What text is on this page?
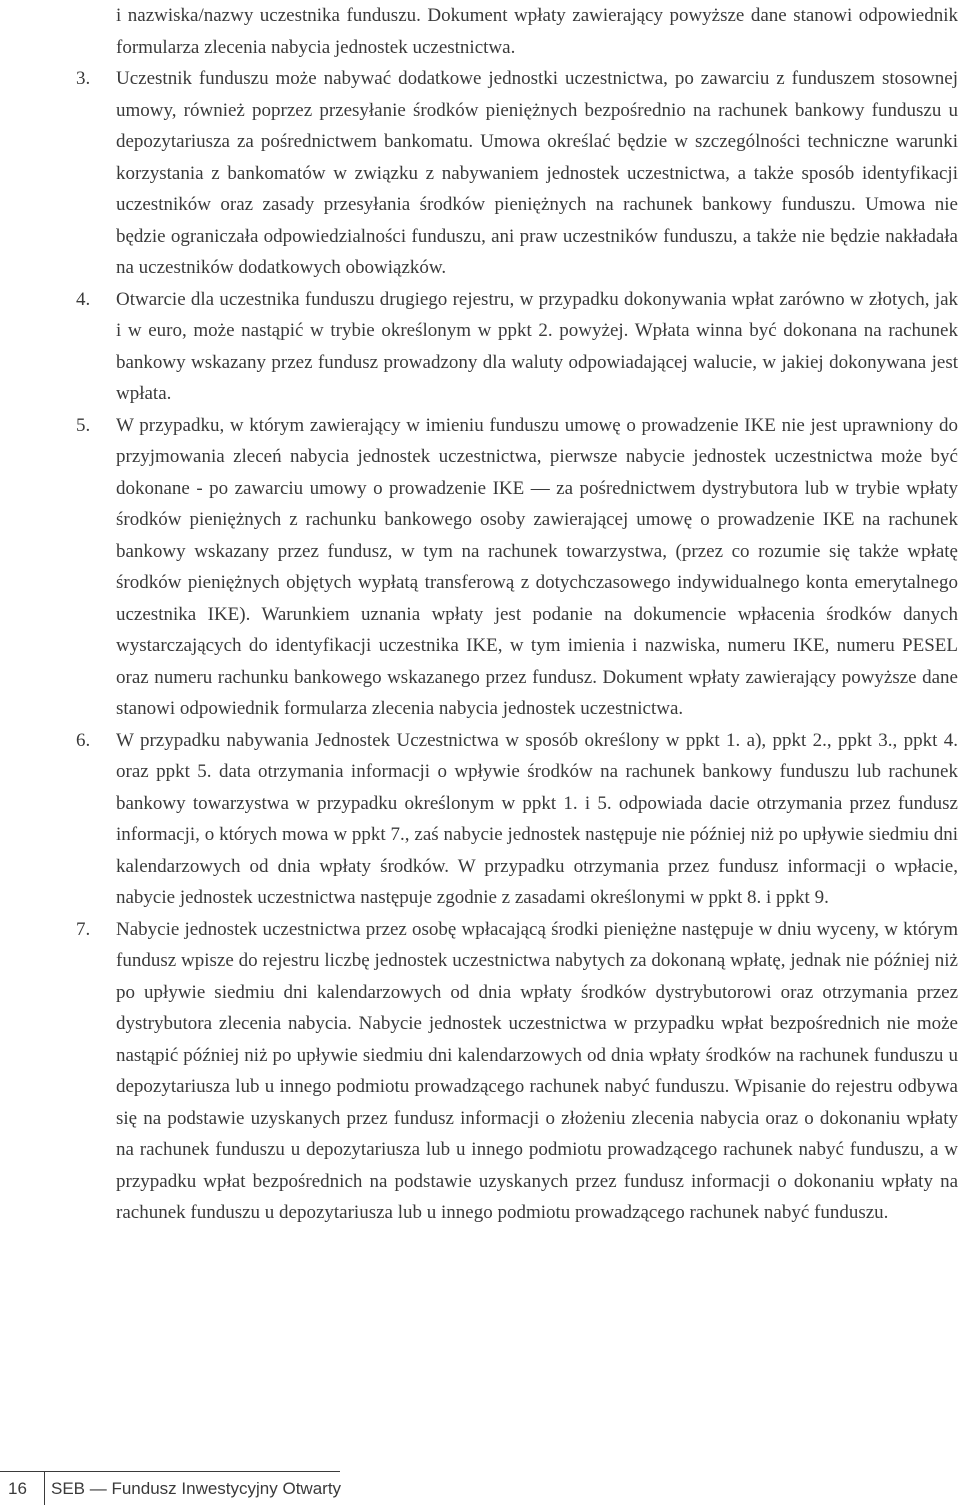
i nazwiska/nazwy uczestnika funduszu. Dokument wpłaty zawierający powyższe dane stanowi odpowiednik formularza zlecenia nabycia jednostek uczestnictwa.
3.	Uczestnik funduszu może nabywać dodatkowe jednostki uczestnictwa, po zawarciu z funduszem stosownej umowy, również poprzez przesyłanie środków pieniężnych bezpośrednio na rachunek bankowy funduszu u depozytariusza za pośrednictwem bankomatu. Umowa określać będzie w szczególności techniczne warunki korzystania z bankomatów w związku z nabywaniem jednostek uczestnictwa, a także sposób identyfikacji uczestników oraz zasady przesyłania środków pieniężnych na rachunek bankowy funduszu. Umowa nie będzie ograniczała odpowiedzialności funduszu, ani praw uczestników funduszu, a także nie będzie nakładała na uczestników dodatkowych obowiązków.
4.	Otwarcie dla uczestnika funduszu drugiego rejestru, w przypadku dokonywania wpłat zarówno w złotych, jak i w euro, może nastąpić w trybie określonym w ppkt 2. powyżej. Wpłata winna być dokonana na rachunek bankowy wskazany przez fundusz prowadzony dla waluty odpowiadającej walucie, w jakiej dokonywana jest wpłata.
5.	W przypadku, w którym zawierający w imieniu funduszu umowę o prowadzenie IKE nie jest uprawniony do przyjmowania zleceń nabycia jednostek uczestnictwa, pierwsze nabycie jednostek uczestnictwa może być dokonane - po zawarciu umowy o prowadzenie IKE — za pośrednictwem dystrybutora lub w trybie wpłaty środków pieniężnych z rachunku bankowego osoby zawierającej umowę o prowadzenie IKE na rachunek bankowy wskazany przez fundusz, w tym na rachunek towarzystwa, (przez co rozumie się także wpłatę środków pieniężnych objętych wypłatą transferową z dotychczasowego indywidualnego konta emerytalnego uczestnika IKE). Warunkiem uznania wpłaty jest podanie na dokumencie wpłacenia środków danych wystarczających do identyfikacji uczestnika IKE, w tym imienia i nazwiska, numeru IKE, numeru PESEL oraz numeru rachunku bankowego wskazanego przez fundusz. Dokument wpłaty zawierający powyższe dane stanowi odpowiednik formularza zlecenia nabycia jednostek uczestnictwa.
6.	W przypadku nabywania Jednostek Uczestnictwa w sposób określony w ppkt 1. a), ppkt 2., ppkt 3., ppkt 4. oraz ppkt 5. data otrzymania informacji o wpływie środków na rachunek bankowy funduszu lub rachunek bankowy towarzystwa w przypadku określonym w ppkt 1. i 5. odpowiada dacie otrzymania przez fundusz informacji, o których mowa w ppkt 7., zaś nabycie jednostek następuje nie później niż po upływie siedmiu dni kalendarzowych od dnia wpłaty środków. W przypadku otrzymania przez fundusz informacji o wpłacie, nabycie jednostek uczestnictwa następuje zgodnie z zasadami określonymi w ppkt 8. i ppkt 9.
7.	Nabycie jednostek uczestnictwa przez osobę wpłacającą środki pieniężne następuje w dniu wyceny, w którym fundusz wpisze do rejestru liczbę jednostek uczestnictwa nabytych za dokonaną wpłatę, jednak nie później niż po upływie siedmiu dni kalendarzowych od dnia wpłaty środków dystrybutorowi oraz otrzymania przez dystrybutora zlecenia nabycia. Nabycie jednostek uczestnictwa w przypadku wpłat bezpośrednich nie może nastąpić później niż po upływie siedmiu dni kalendarzowych od dnia wpłaty środków na rachunek funduszu u depozytariusza lub u innego podmiotu prowadzącego rachunek nabyć funduszu. Wpisanie do rejestru odbywa się na podstawie uzyskanych przez fundusz informacji o złożeniu zlecenia nabycia oraz o dokonaniu wpłaty na rachunek funduszu u depozytariusza lub u innego podmiotu prowadzącego rachunek nabyć funduszu, a w przypadku wpłat bezpośrednich na podstawie uzyskanych przez fundusz informacji o dokonaniu wpłaty na rachunek funduszu u depozytariusza lub u innego podmiotu prowadzącego rachunek nabyć funduszu.
16 SEB — Fundusz Inwestycyjny Otwarty
